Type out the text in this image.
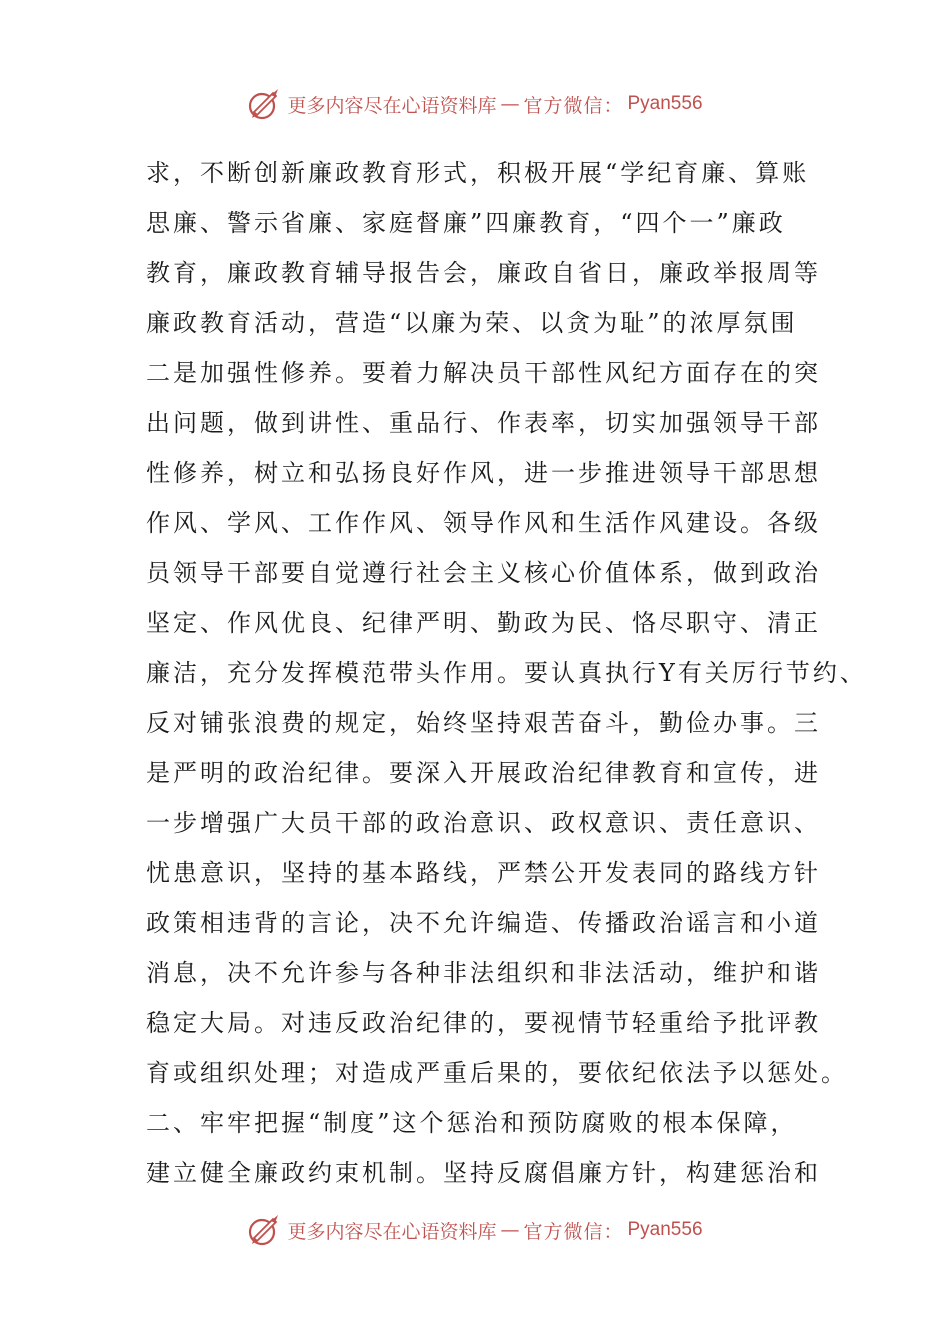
更多内容尽在心语资料库 — 官方微信： Pyan556
求，不断创新廉政教育形式，积极开展“学纪育廉、算账
思廉、警示省廉、家庭督廉”四廉教育，“四个一”廉政
教育，廉政教育辅导报告会，廉政自省日，廉政举报周等
廉政教育活动，营造“以廉为荣、以贪为耻”的浓厚氛围
二是加强性修养。要着力解决员干部性风纪方面存在的突
出问题，做到讲性、重品行、作表率，切实加强领导干部
性修养，树立和弘扬良好作风，进一步推进领导干部思想
作风、学风、工作作风、领导作风和生活作风建设。各级
员领导干部要自觉遵行社会主义核心价值体系，做到政治
坚定、作风优良、纪律严明、勤政为民、恪尽职守、清正
廉洁，充分发挥模范带头作用。要认真执行Y有关厉行节约、
反对铺张浪费的规定，始终坚持艰苦奋斗，勤俭办事。三
是严明的政治纪律。要深入开展政治纪律教育和宣传，进
一步增强广大员干部的政治意识、政权意识、责任意识、
忧患意识，坚持的基本路线，严禁公开发表同的路线方针
政策相违背的言论，决不允许编造、传播政治谣言和小道
消息，决不允许参与各种非法组织和非法活动，维护和谐
稳定大局。对违反政治纪律的，要视情节轻重给予批评教
育或组织处理；对造成严重后果的，要依纪依法予以惩处。
二、牢牢把握“制度”这个惩治和预防腐败的根本保障，
建立健全廉政约束机制。坚持反腐倡廉方针，构建惩治和
更多内容尽在心语资料库 — 官方微信： Pyan556
